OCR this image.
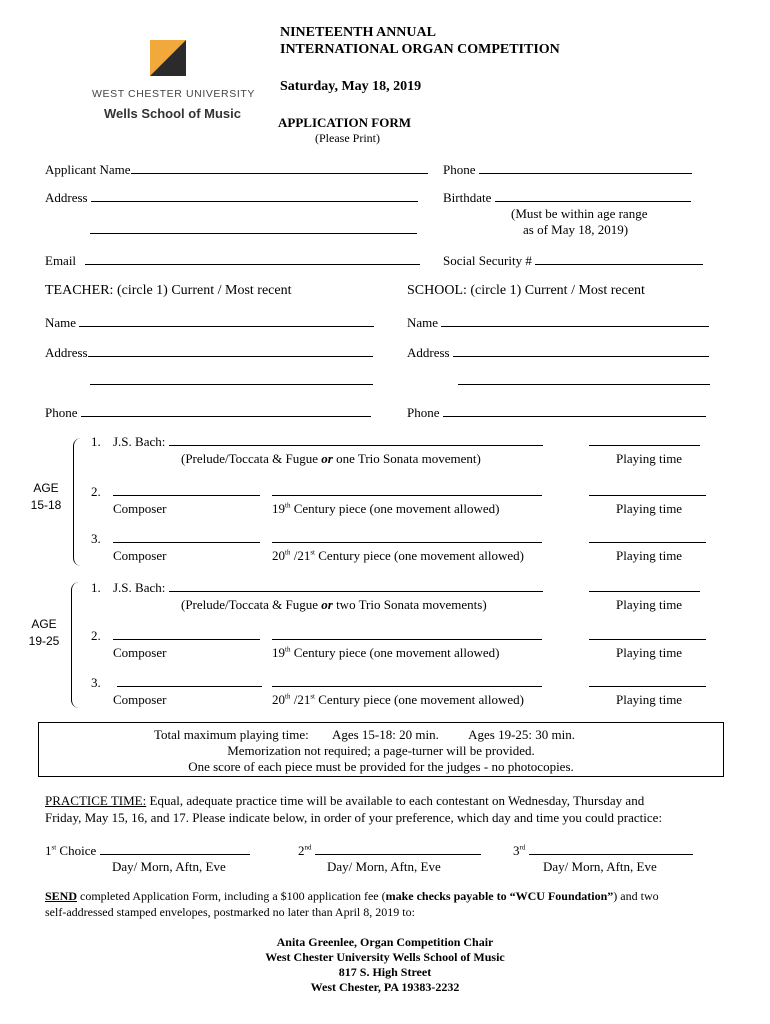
WEST CHESTER UNIVERSITY
Wells School of Music
NINETEENTH ANNUAL
INTERNATIONAL ORGAN COMPETITION
Saturday, May 18, 2019
APPLICATION FORM
(Please Print)
Applicant Name	Phone
Address	Birthdate
(Must be within age range
as of May 18, 2019)
Email	Social Security #
TEACHER: (circle 1) Current / Most recent	SCHOOL: (circle 1) Current / Most recent
Name	Name
Address	Address
Phone	Phone
AGE
15-18
1. J.S. Bach:
(Prelude/Toccata & Fugue or one Trio Sonata movement)	Playing time
2.
Composer	19th Century piece (one movement allowed)	Playing time
3.
Composer	20th /21st Century piece (one movement allowed)	Playing time
AGE
19-25
1. J.S. Bach:
(Prelude/Toccata & Fugue or two Trio Sonata movements)	Playing time
2.
Composer	19th Century piece (one movement allowed)	Playing time
3.
Composer	20th /21st Century piece (one movement allowed)	Playing time
Total maximum playing time: Ages 15-18: 20 min. Ages 19-25: 30 min.
Memorization not required; a page-turner will be provided.
One score of each piece must be provided for the judges - no photocopies.
PRACTICE TIME: Equal, adequate practice time will be available to each contestant on Wednesday, Thursday and
Friday, May 15, 16, and 17. Please indicate below, in order of your preference, which day and time you could practice:
1st Choice	2nd	3rd
Day/ Morn, Aftn, Eve	Day/ Morn, Aftn, Eve	Day/ Morn, Aftn, Eve
SEND completed Application Form, including a $100 application fee (make checks payable to “WCU Foundation”) and two
self-addressed stamped envelopes, postmarked no later than April 8, 2019 to:
Anita Greenlee, Organ Competition Chair
West Chester University Wells School of Music
817 S. High Street
West Chester, PA 19383-2232
